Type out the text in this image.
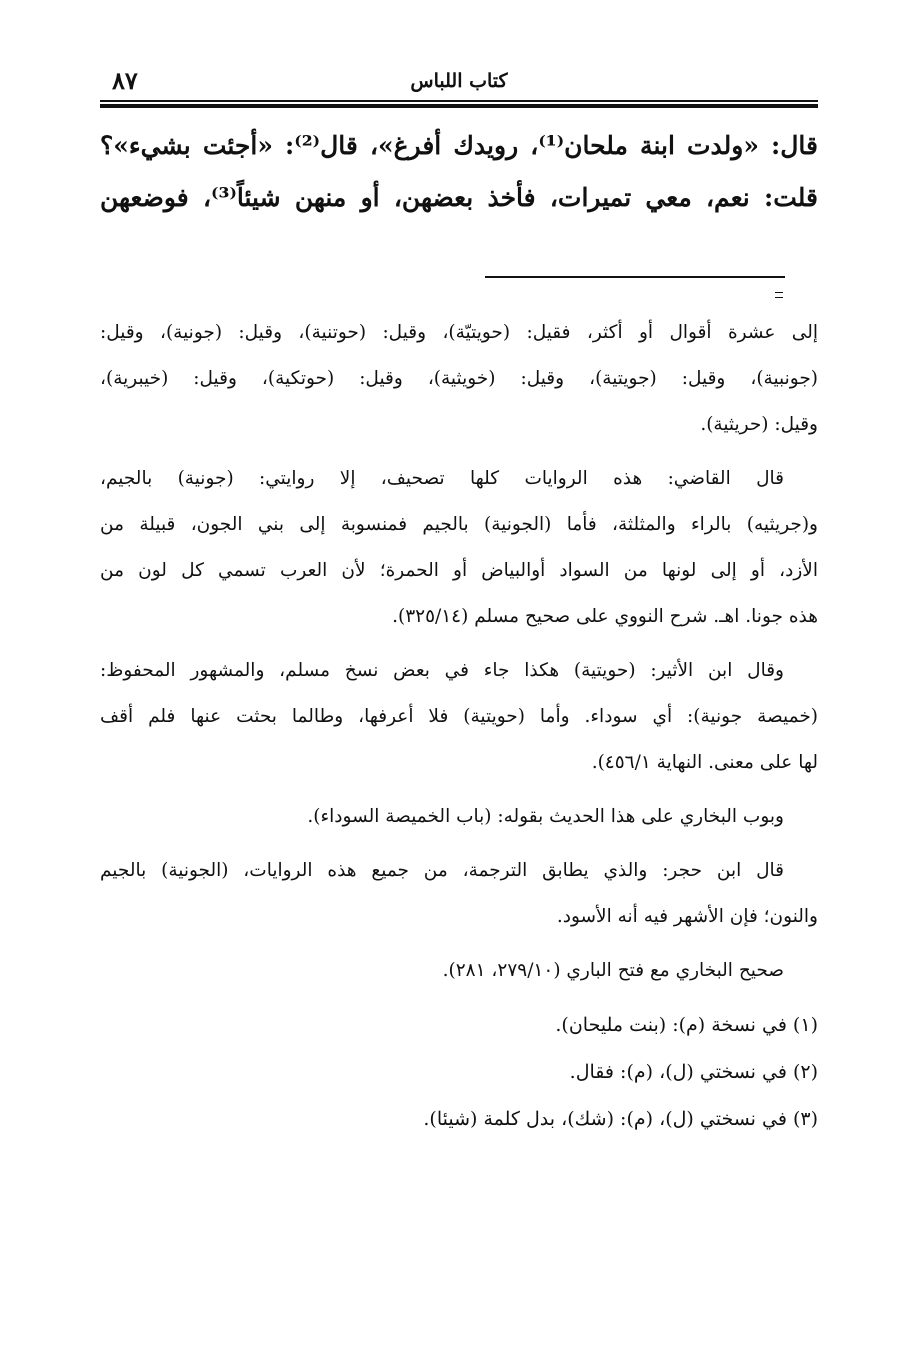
كتاب اللباس
٨٧
قال: «ولدت ابنة ملحان⁽¹⁾، رويدك أفرغ»، قال⁽²⁾: «أجئت بشيء»؟
قلت: نعم، معي تميرات، فأخذ بعضهن، أو منهن شيئاً⁽³⁾، فوضعهن

إلى عشرة أقوال أو أكثر، فقيل: (حويتيّة)، وقيل: (حوتنية)، وقيل: (جونية)، وقيل:
(جونبية)، وقيل: (جويتية)، وقيل: (خويثية)، وقيل: (حوتكية)، وقيل: (خيبرية)،
وقيل: (حريثية).

قال القاضي: هذه الروايات كلها تصحيف، إلا روايتي: (جونية) بالجيم،
و(جريثيه) بالراء والمثلثة، فأما (الجونية) بالجيم فمنسوبة إلى بني الجون، قبيلة من
الأزد، أو إلى لونها من السواد أوالبياض أو الحمرة؛ لأن العرب تسمي كل لون من
هذه جونا. اهـ. شرح النووي على صحيح مسلم (٣٢٥/١٤).

وقال ابن الأثير: (حويتية) هكذا جاء في بعض نسخ مسلم، والمشهور المحفوظ:
(خميصة جونية): أي سوداء. وأما (حويتية) فلا أعرفها، وطالما بحثت عنها فلم أقف
لها على معنى. النهاية ٤٥٦/١).

وبوب البخاري على هذا الحديث بقوله: (باب الخميصة السوداء).

قال ابن حجر: والذي يطابق الترجمة، من جميع هذه الروايات، (الجونية) بالجيم
والنون؛ فإن الأشهر فيه أنه الأسود.

صحيح البخاري مع فتح الباري (٢٧٩/١٠، ٢٨١).

(١) في نسخة (م): (بنت مليحان).
(٢) في نسختي (ل)، (م): فقال.
(٣) في نسختي (ل)، (م): (شك)، بدل كلمة (شيئا).
